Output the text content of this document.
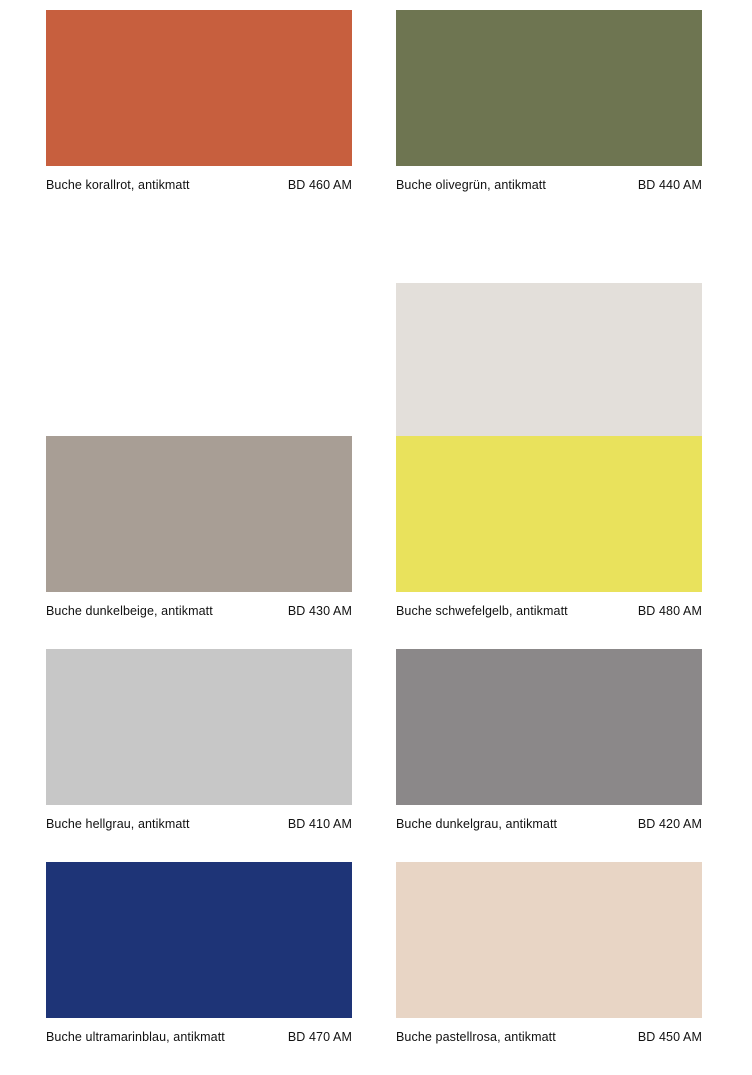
Buche korallrot, antikmatt	BD 460 AM	Buche olivegrün, antikmatt	BD 440 AM
Buche dunkelbeige, antikmatt	BD 430 AM	Buche schwefelgelb, antikmatt	BD 480 AM
Buche hellgrau, antikmatt	BD 410 AM	Buche dunkelgrau, antikmatt	BD 420 AM
Buche ultramarinblau, antikmatt	BD 470 AM	Buche pastellrosa, antikmatt	BD 450 AM
